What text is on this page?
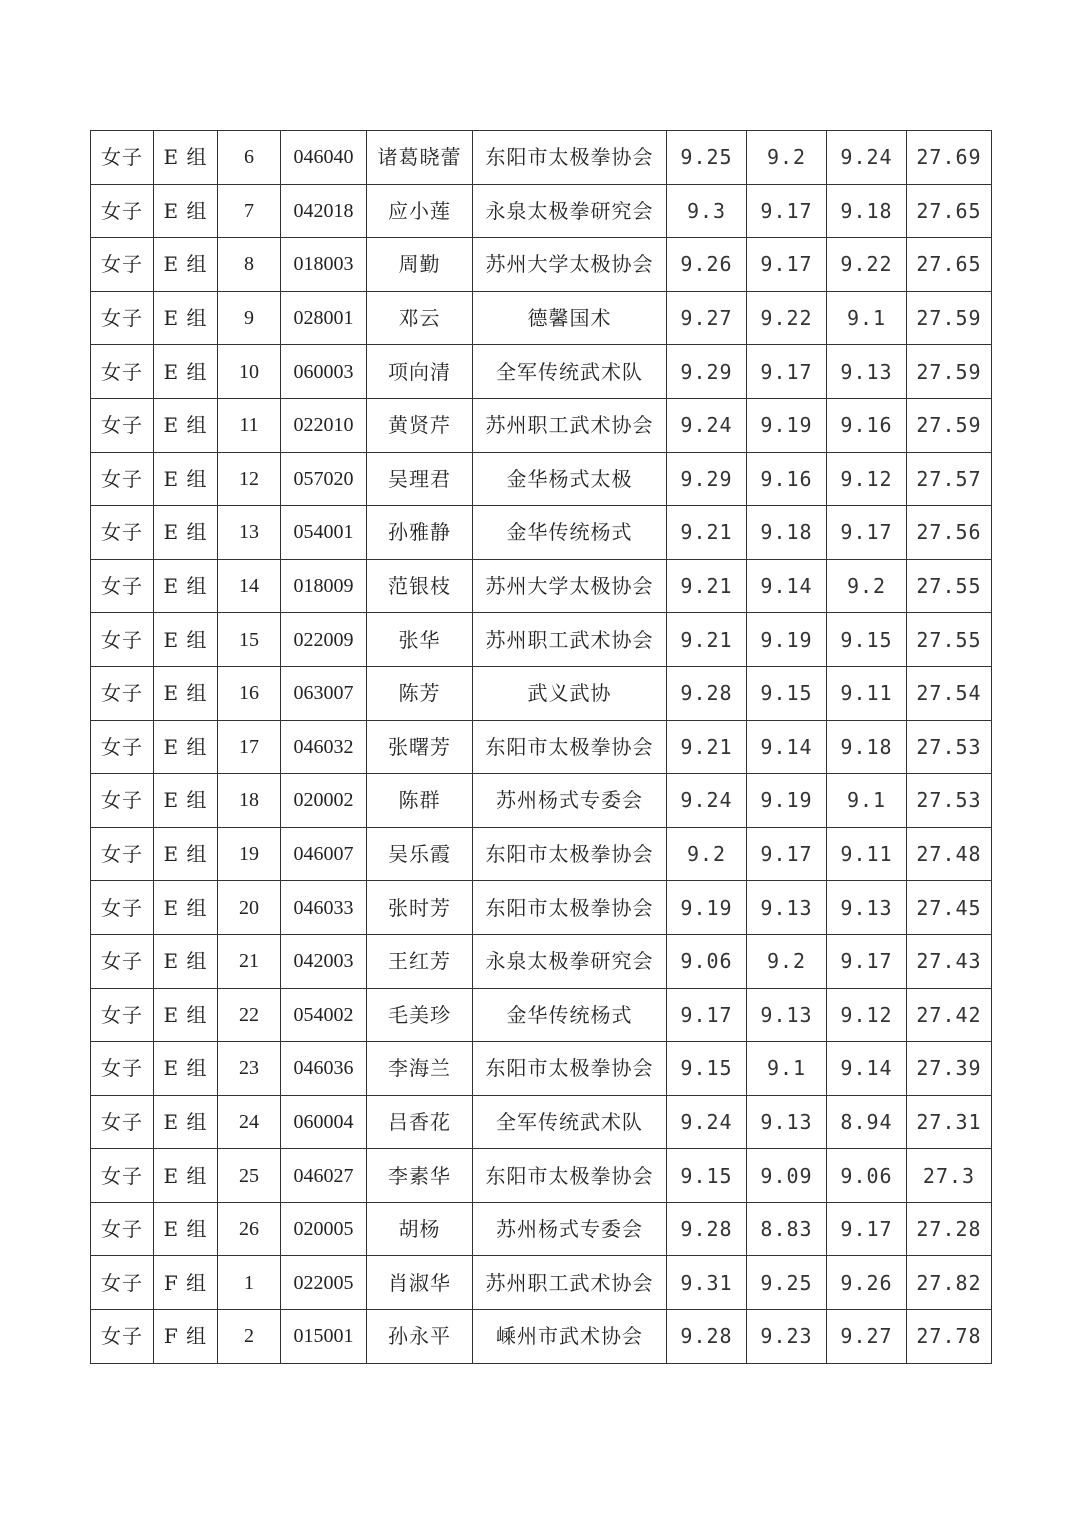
女子	E 组	6	046040	诸葛晓蕾	东阳市太极拳协会	9.25	9.2	9.24	27.69
女子	E 组	7	042018	应小莲	永泉太极拳研究会	9.3	9.17	9.18	27.65
女子	E 组	8	018003	周勤	苏州大学太极协会	9.26	9.17	9.22	27.65
女子	E 组	9	028001	邓云	德馨国术	9.27	9.22	9.1	27.59
女子	E 组	10	060003	项向清	全军传统武术队	9.29	9.17	9.13	27.59
女子	E 组	11	022010	黄贤芹	苏州职工武术协会	9.24	9.19	9.16	27.59
女子	E 组	12	057020	吴理君	金华杨式太极	9.29	9.16	9.12	27.57
女子	E 组	13	054001	孙雅静	金华传统杨式	9.21	9.18	9.17	27.56
女子	E 组	14	018009	范银枝	苏州大学太极协会	9.21	9.14	9.2	27.55
女子	E 组	15	022009	张华	苏州职工武术协会	9.21	9.19	9.15	27.55
女子	E 组	16	063007	陈芳	武义武协	9.28	9.15	9.11	27.54
女子	E 组	17	046032	张曙芳	东阳市太极拳协会	9.21	9.14	9.18	27.53
女子	E 组	18	020002	陈群	苏州杨式专委会	9.24	9.19	9.1	27.53
女子	E 组	19	046007	吴乐霞	东阳市太极拳协会	9.2	9.17	9.11	27.48
女子	E 组	20	046033	张时芳	东阳市太极拳协会	9.19	9.13	9.13	27.45
女子	E 组	21	042003	王红芳	永泉太极拳研究会	9.06	9.2	9.17	27.43
女子	E 组	22	054002	毛美珍	金华传统杨式	9.17	9.13	9.12	27.42
女子	E 组	23	046036	李海兰	东阳市太极拳协会	9.15	9.1	9.14	27.39
女子	E 组	24	060004	吕香花	全军传统武术队	9.24	9.13	8.94	27.31
女子	E 组	25	046027	李素华	东阳市太极拳协会	9.15	9.09	9.06	27.3
女子	E 组	26	020005	胡杨	苏州杨式专委会	9.28	8.83	9.17	27.28
女子	F 组	1	022005	肖淑华	苏州职工武术协会	9.31	9.25	9.26	27.82
女子	F 组	2	015001	孙永平	嵊州市武术协会	9.28	9.23	9.27	27.78
